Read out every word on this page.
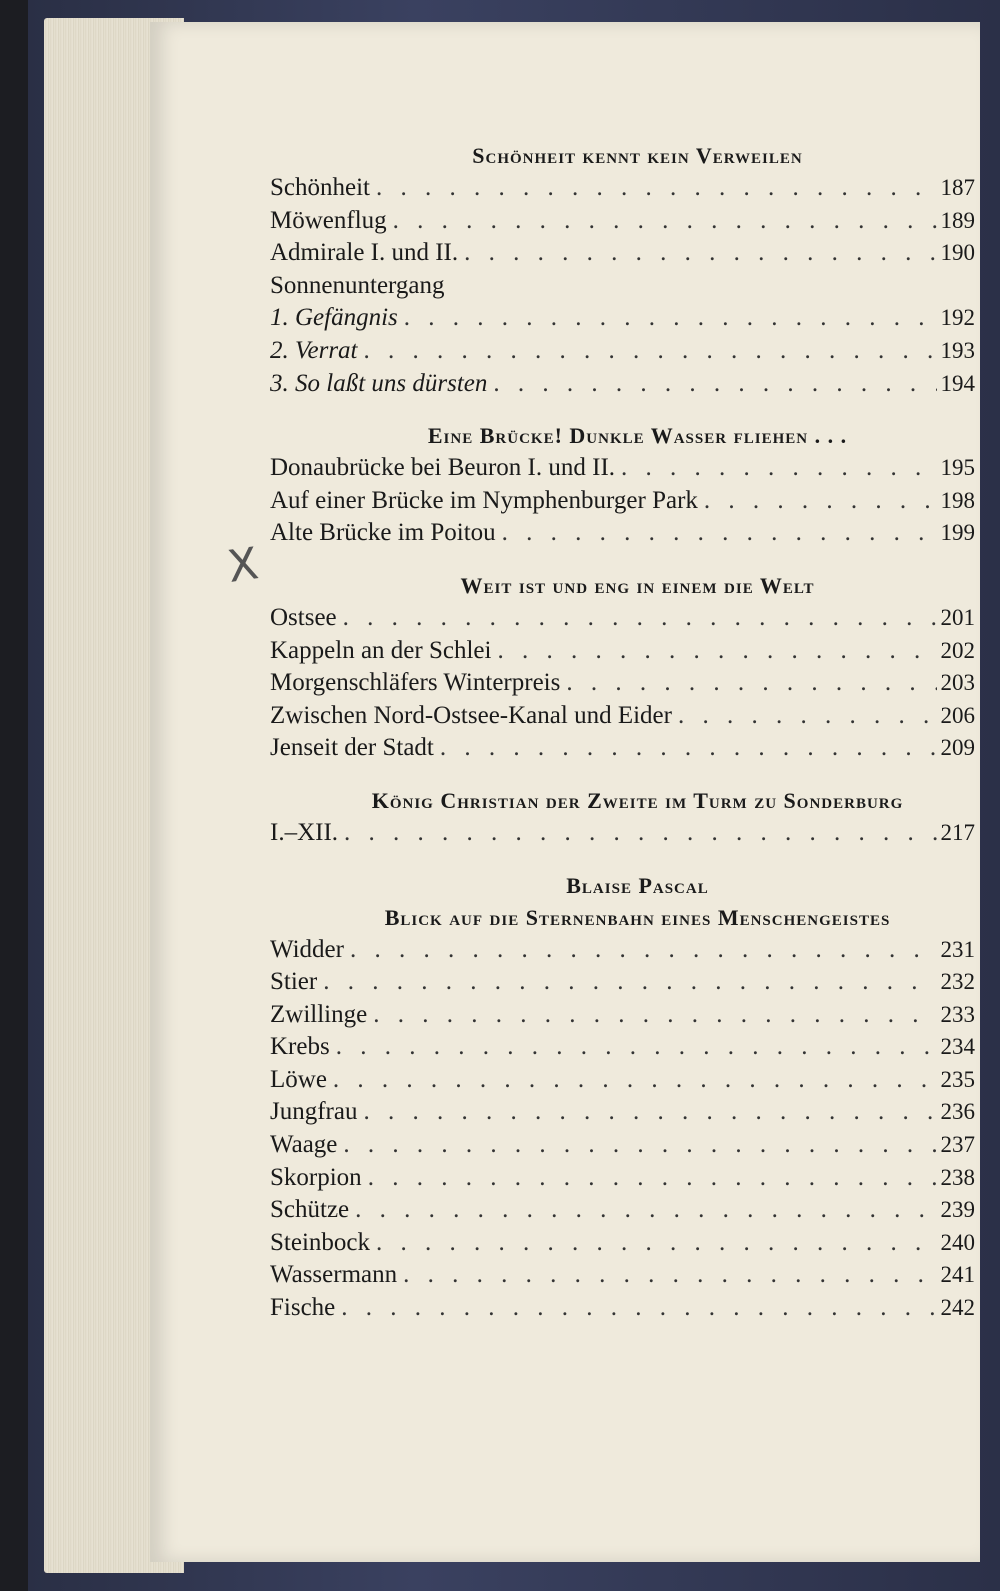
X
Schönheit kennt kein Verweilen
Schönheit . . .	187
Möwenflug . . .	189
Admirale I. und II. . . .	190
Sonnenuntergang
1. Gefängnis . . .	192
2. Verrat . . .	193
3. So laßt uns dürsten . . .	194
Eine Brücke! Dunkle Wasser fliehen . . .
Donaubrücke bei Beuron I. und II. . . .	195
Auf einer Brücke im Nymphenburger Park . . .	198
Alte Brücke im Poitou . . .	199
Weit ist und eng in einem die Welt
Ostsee . . .	201
Kappeln an der Schlei . . .	202
Morgenschläfers Winterpreis . . .	203
Zwischen Nord-Ostsee-Kanal und Eider . . .	206
Jenseit der Stadt . . .	209
König Christian der Zweite im Turm zu Sonderburg
I.–XII. . . .	217
Blaise Pascal
Blick auf die Sternenbahn eines Menschengeistes
Widder . . .	231
Stier . . .	232
Zwillinge . . .	233
Krebs . . .	234
Löwe . . .	235
Jungfrau . . .	236
Waage . . .	237
Skorpion . . .	238
Schütze . . .	239
Steinbock . . .	240
Wassermann . . .	241
Fische . . .	242
